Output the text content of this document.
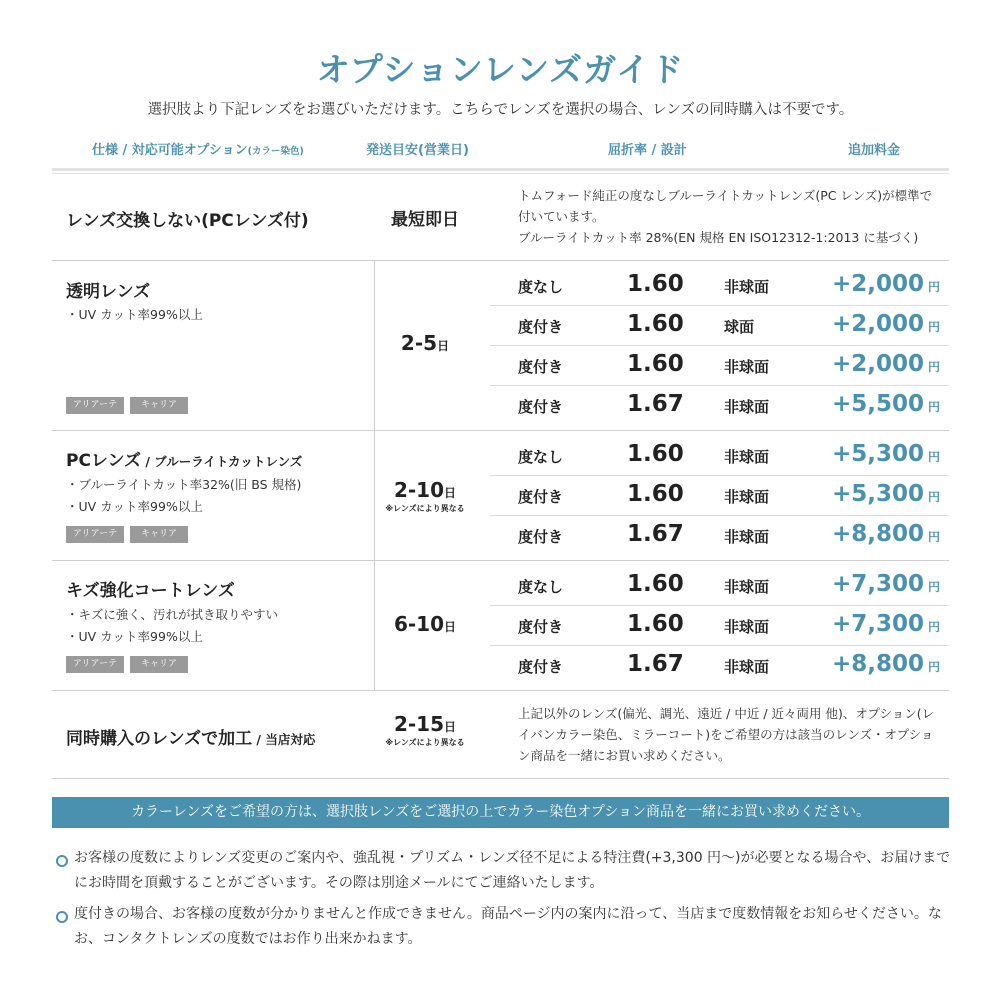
オプションレンズガイド
選択肢より下記レンズをお選びいただけます。こちらでレンズを選択の場合、レンズの同時購入は不要です。
仕様 / 対応可能オプション(カラー染色)	発送目安(営業日)	屈折率 / 設計	追加料金
レンズ交換しない(PCレンズ付)	最短即日
トムフォード純正の度なしブルーライトカットレンズ(PC レンズ)が標準で付いています。
ブルーライトカット率 28%(EN 規格 EN ISO12312-1:2013 に基づく)
透明レンズ
・UV カット率99%以上
アリアーテ	キャリア
2-5日
度なし	1.60	非球面	+2,000 円
度付き	1.60	球面	+2,000 円
度付き	1.60	非球面	+2,000 円
度付き	1.67	非球面	+5,500 円
PCレンズ / ブルーライトカットレンズ
・ブルーライトカット率32%(旧 BS 規格)
・UV カット率99%以上
アリアーテ	キャリア
2-10日
※レンズにより異なる
度なし	1.60	非球面	+5,300 円
度付き	1.60	非球面	+5,300 円
度付き	1.67	非球面	+8,800 円
キズ強化コートレンズ
・キズに強く、汚れが拭き取りやすい
・UV カット率99%以上
アリアーテ	キャリア
6-10日
度なし	1.60	非球面	+7,300 円
度付き	1.60	非球面	+7,300 円
度付き	1.67	非球面	+8,800 円
同時購入のレンズで加工 / 当店対応
2-15日
※レンズにより異なる
上記以外のレンズ(偏光、調光、遠近 / 中近 / 近々両用 他)、オプション(レイバンカラー染色、ミラーコート)をご希望の方は該当のレンズ・オプション商品を一緒にお買い求めください。
カラーレンズをご希望の方は、選択肢レンズをご選択の上でカラー染色オプション商品を一緒にお買い求めください。
お客様の度数によりレンズ変更のご案内や、強乱視・プリズム・レンズ径不足による特注費(+3,300 円〜)が必要となる場合や、お届けまでにお時間を頂戴することがございます。その際は別途メールにてご連絡いたします。
度付きの場合、お客様の度数が分かりませんと作成できません。商品ページ内の案内に沿って、当店まで度数情報をお知らせください。なお、コンタクトレンズの度数ではお作り出来かねます。
